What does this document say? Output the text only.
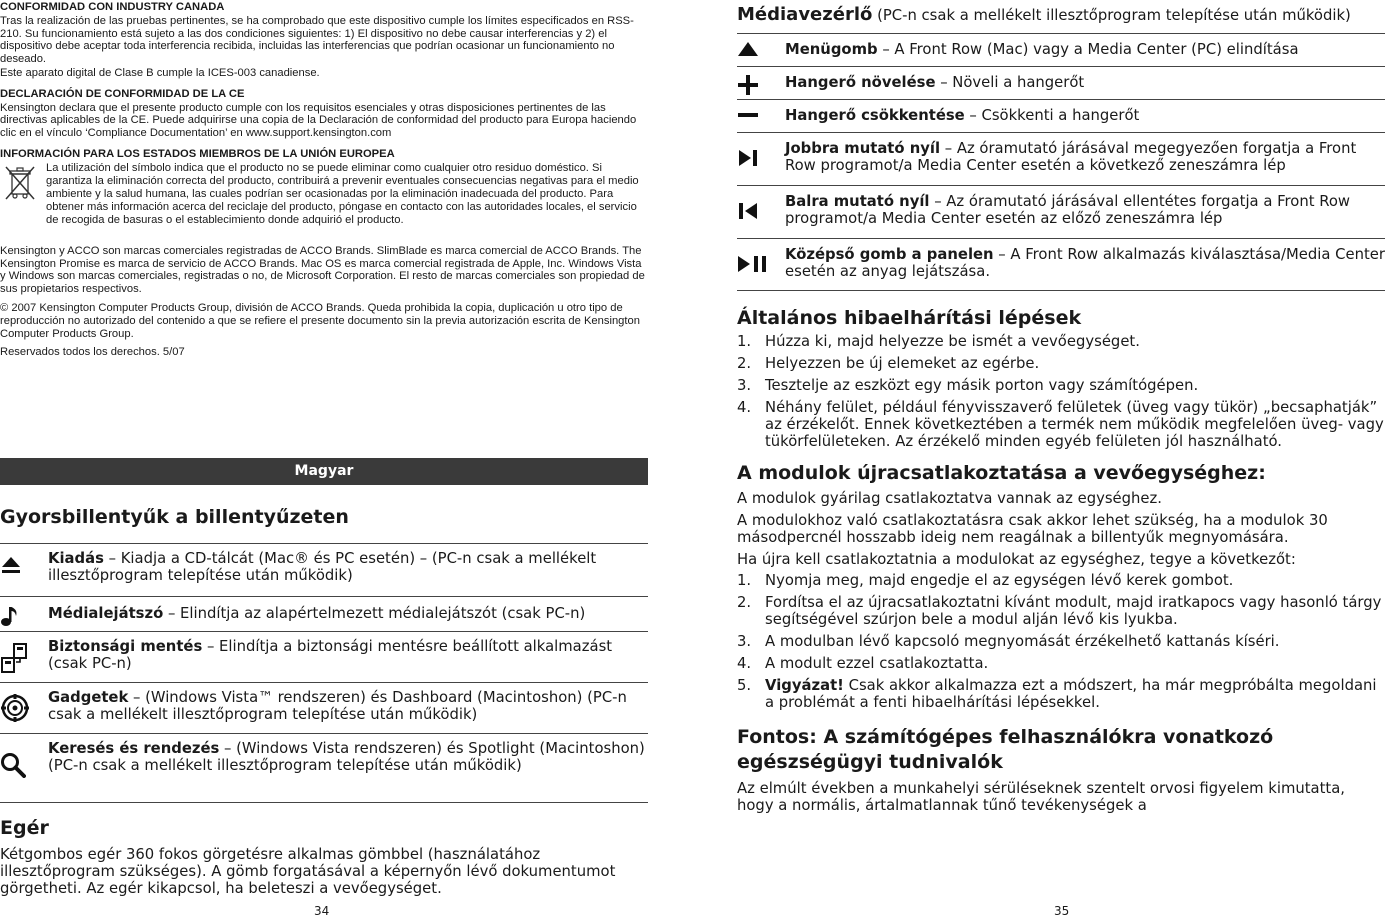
CONFORMIDAD CON INDUSTRY CANADA

Tras la realización de las pruebas pertinentes, se ha comprobado que este dispositivo cumple los límites especificados en RSS-210. Su funcionamiento está sujeto a las dos condiciones siguientes: 1) El dispositivo no debe causar interferencias y 2) el dispositivo debe aceptar toda interferencia recibida, incluidas las interferencias que podrían ocasionar un funcionamiento no deseado.

Este aparato digital de Clase B cumple la ICES-003 canadiense.

DECLARACIÓN DE CONFORMIDAD DE LA CE

Kensington declara que el presente producto cumple con los requisitos esenciales y otras disposiciones pertinentes de las directivas aplicables de la CE. Puede adquirirse una copia de la Declaración de conformidad del producto para Europa haciendo clic en el vínculo ‘Compliance Documentation’ en www.support.kensington.com

INFORMACIÓN PARA LOS ESTADOS MIEMBROS DE LA UNIÓN EUROPEA

La utilización del símbolo indica que el producto no se puede eliminar como cualquier otro residuo doméstico. Si garantiza la eliminación correcta del producto, contribuirá a prevenir eventuales consecuencias negativas para el medio ambiente y la salud humana, las cuales podrían ser ocasionadas por la eliminación inadecuada del producto. Para obtener más información acerca del reciclaje del producto, póngase en contacto con las autoridades locales, el servicio de recogida de basuras o el establecimiento donde adquirió el producto.

Kensington y ACCO son marcas comerciales registradas de ACCO Brands. SlimBlade es marca comercial de ACCO Brands. The Kensington Promise es marca de servicio de ACCO Brands. Mac OS es marca comercial registrada de Apple, Inc. Windows Vista y Windows son marcas comerciales, registradas o no, de Microsoft Corporation. El resto de marcas comerciales son propiedad de sus propietarios respectivos.

© 2007 Kensington Computer Products Group, división de ACCO Brands. Queda prohibida la copia, duplicación u otro tipo de reproducción no autorizado del contenido a que se refiere el presente documento sin la previa autorización escrita de Kensington Computer Products Group.

Reservados todos los derechos. 5/07

Magyar
Gyorsbillentyűk a billentyűzeten
Kiadás – Kiadja a CD-tálcát (Mac® és PC esetén) – (PC-n csak a mellékelt illesztőprogram telepítése után működik)
Médialejátszó – Elindítja az alapértelmezett médialejátszót (csak PC-n)
Biztonsági mentés – Elindítja a biztonsági mentésre beállított alkalmazást (csak PC-n)
Gadgetek – (Windows Vista™ rendszeren) és Dashboard (Macintoshon) (PC-n csak a mellékelt illesztőprogram telepítése után működik)
Keresés és rendezés – (Windows Vista rendszeren) és Spotlight (Macintoshon) (PC-n csak a mellékelt illesztőprogram telepítése után működik)
Egér

Kétgombos egér 360 fokos görgetésre alkalmas gömbbel (használatához illesztőprogram szükséges). A gömb forgatásával a képernyőn lévő dokumentumot görgetheti. Az egér kikapcsol, ha beleteszi a vevőegységet.

34
Médiavezérlő (PC-n csak a mellékelt illesztőprogram telepítése után működik)
Menügomb – A Front Row (Mac) vagy a Media Center (PC) elindítása
Hangerő növelése – Növeli a hangerőt
Hangerő csökkentése – Csökkenti a hangerőt
Jobbra mutató nyíl – Az óramutató járásával megegyezően forgatja a Front Row programot/a Media Center esetén a következő zeneszámra lép
Balra mutató nyíl – Az óramutató járásával ellentétes forgatja a Front Row programot/a Media Center esetén az előző zeneszámra lép
Középső gomb a panelen – A Front Row alkalmazás kiválasztása/Media Center esetén az anyag lejátszása.
Általános hibaelhárítási lépések
1. Húzza ki, majd helyezze be ismét a vevőegységet.
2. Helyezzen be új elemeket az egérbe.
3. Tesztelje az eszközt egy másik porton vagy számítógépen.
4. Néhány felület, például fényvisszaverő felületek (üveg vagy tükör) „becsaphatják” az érzékelőt. Ennek következtében a termék nem működik megfelelően üveg- vagy tükörfelületeken. Az érzékelő minden egyéb felületen jól használható.
A modulok újracsatlakoztatása a vevőegységhez:

A modulok gyárilag csatlakoztatva vannak az egységhez.

A modulokhoz való csatlakoztatásra csak akkor lehet szükség, ha a modulok 30 másodpercnél hosszabb ideig nem reagálnak a billentyűk megnyomására.

Ha újra kell csatlakoztatnia a modulokat az egységhez, tegye a következőt:

1. Nyomja meg, majd engedje el az egységen lévő kerek gombot.
2. Fordítsa el az újracsatlakoztatni kívánt modult, majd iratkapocs vagy hasonló tárgy segítségével szúrjon bele a modul alján lévő kis lyukba.
3. A modulban lévő kapcsoló megnyomását érzékelhető kattanás kíséri.
4. A modult ezzel csatlakoztatta.
5. Vigyázat! Csak akkor alkalmazza ezt a módszert, ha már megpróbálta megoldani a problémát a fenti hibaelhárítási lépésekkel.
Fontos: A számítógépes felhasználókra vonatkozó egészségügyi tudnivalók

Az elmúlt években a munkahelyi sérüléseknek szentelt orvosi figyelem kimutatta, hogy a normális, ártalmatlannak tűnő tevékenységek a

35
